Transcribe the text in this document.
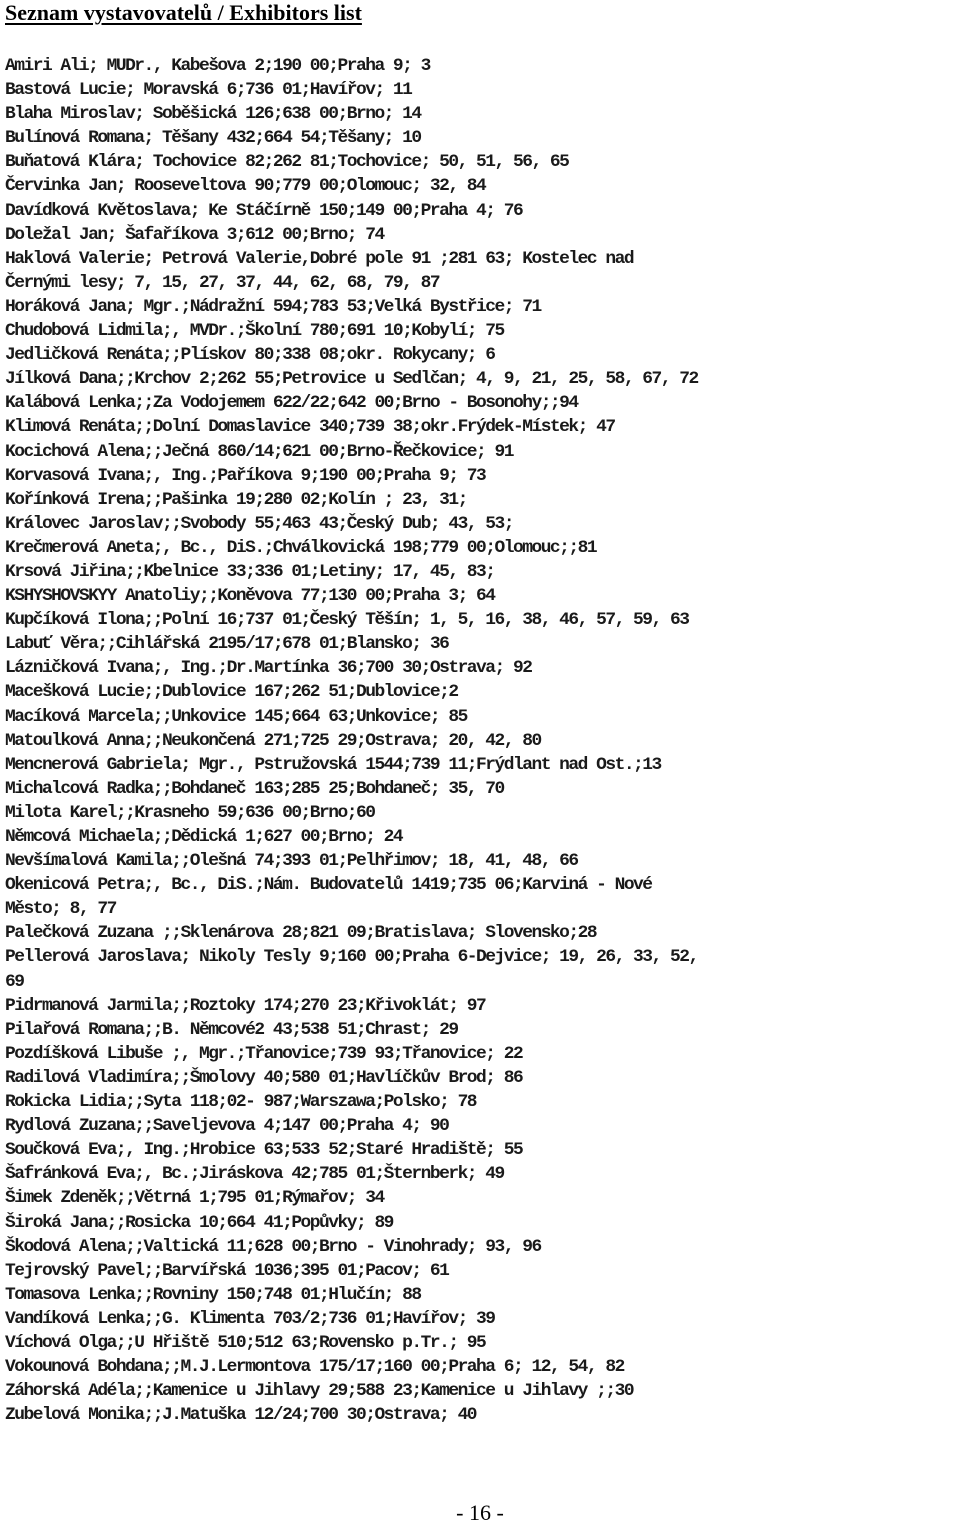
Seznam vystavovatelů / Exhibitors list
Amiri Ali; MUDr., Kabešova 2;190 00;Praha 9; 3
Bastová Lucie; Moravská 6;736 01;Havířov; 11
Blaha Miroslav; Soběšická 126;638 00;Brno; 14
Bulínová Romana; Těšany 432;664 54;Těšany; 10
Buňatová Klára; Tochovice 82;262 81;Tochovice; 50, 51, 56, 65
Červinka Jan; Rooseveltova 90;779 00;Olomouc; 32, 84
Davídková Květoslava; Ke Stáčírně 150;149 00;Praha 4; 76
Doležal Jan; Šafaříkova 3;612 00;Brno; 74
Haklová Valerie; Petrová Valerie,Dobré pole 91 ;281 63; Kostelec nad
Černými lesy; 7, 15, 27, 37, 44, 62, 68, 79, 87
Horáková Jana; Mgr.;Nádražní 594;783 53;Velká Bystřice; 71
Chudobová Lidmila;, MVDr.;Školní 780;691 10;Kobylí; 75
Jedličková Renáta;;Plískov 80;338 08;okr. Rokycany; 6
Jílková Dana;;Krchov 2;262 55;Petrovice u Sedlčan; 4, 9, 21, 25, 58, 67, 72
Kalábová Lenka;;Za Vodojemem 622/22;642 00;Brno - Bosonohy;;94
Klimová Renáta;;Dolní Domaslavice 340;739 38;okr.Frýdek-Místek; 47
Kocichová Alena;;Ječná 860/14;621 00;Brno-Řečkovice; 91
Korvasová Ivana;, Ing.;Paříkova 9;190 00;Praha 9; 73
Kořínková Irena;;Pašinka 19;280 02;Kolín ; 23, 31;
Královec Jaroslav;;Svobody 55;463 43;Český Dub; 43, 53;
Krečmerová Aneta;, Bc., DiS.;Chválkovická 198;779 00;Olomouc;;81
Krsová Jiřina;;Kbelnice 33;336 01;Letiny; 17, 45, 83;
KSHYSHOVSKYY Anatoliy;;Koněvova 77;130 00;Praha 3; 64
Kupčíková Ilona;;Polní 16;737 01;Český Těšín; 1, 5, 16, 38, 46, 57, 59, 63
Labuť Věra;;Cihlářská 2195/17;678 01;Blansko; 36
Lázničková Ivana;, Ing.;Dr.Martínka 36;700 30;Ostrava; 92
Macešková Lucie;;Dublovice 167;262 51;Dublovice;2
Macíková Marcela;;Unkovice 145;664 63;Unkovice; 85
Matoulková Anna;;Neukončená 271;725 29;Ostrava; 20, 42, 80
Mencnerová Gabriela; Mgr., Pstružovská 1544;739 11;Frýdlant nad Ost.;13
Michalcová Radka;;Bohdaneč 163;285 25;Bohdaneč; 35, 70
Milota Karel;;Krasneho 59;636 00;Brno;60
Němcová Michaela;;Dědická 1;627 00;Brno; 24
Nevšímalová Kamila;;Olešná 74;393 01;Pelhřimov; 18, 41, 48, 66
Okenicová Petra;, Bc., DiS.;Nám. Budovatelů 1419;735 06;Karviná - Nové
Město; 8, 77
Palečková Zuzana ;;Sklenárova 28;821 09;Bratislava; Slovensko;28
Pellerová Jaroslava; Nikoly Tesly 9;160 00;Praha 6-Dejvice; 19, 26, 33, 52,
69
Pidrmanová Jarmila;;Roztoky 174;270 23;Křivoklát; 97
Pilařová Romana;;B. Němcové2 43;538 51;Chrast; 29
Pozdíšková Libuše ;, Mgr.;Třanovice;739 93;Třanovice; 22
Radilová Vladimíra;;Šmolovy 40;580 01;Havlíčkův Brod; 86
Rokicka Lidia;;Syta 118;02- 987;Warszawa;Polsko; 78
Rydlová Zuzana;;Saveljevova 4;147 00;Praha 4; 90
Součková Eva;, Ing.;Hrobice 63;533 52;Staré Hradiště; 55
Šafránková Eva;, Bc.;Jiráskova 42;785 01;Šternberk; 49
Šimek Zdeněk;;Větrná 1;795 01;Rýmařov; 34
Široká Jana;;Rosicka 10;664 41;Popůvky; 89
Škodová Alena;;Valtická 11;628 00;Brno - Vinohrady; 93, 96
Tejrovský Pavel;;Barvířská 1036;395 01;Pacov; 61
Tomasova Lenka;;Rovniny 150;748 01;Hlučín; 88
Vandíková Lenka;;G. Klimenta 703/2;736 01;Havířov; 39
Víchová Olga;;U Hřiště 510;512 63;Rovensko p.Tr.; 95
Vokounová Bohdana;;M.J.Lermontova 175/17;160 00;Praha 6; 12, 54, 82
Záhorská Adéla;;Kamenice u Jihlavy 29;588 23;Kamenice u Jihlavy ;;30
Zubelová Monika;;J.Matuška 12/24;700 30;Ostrava; 40
- 16 -
